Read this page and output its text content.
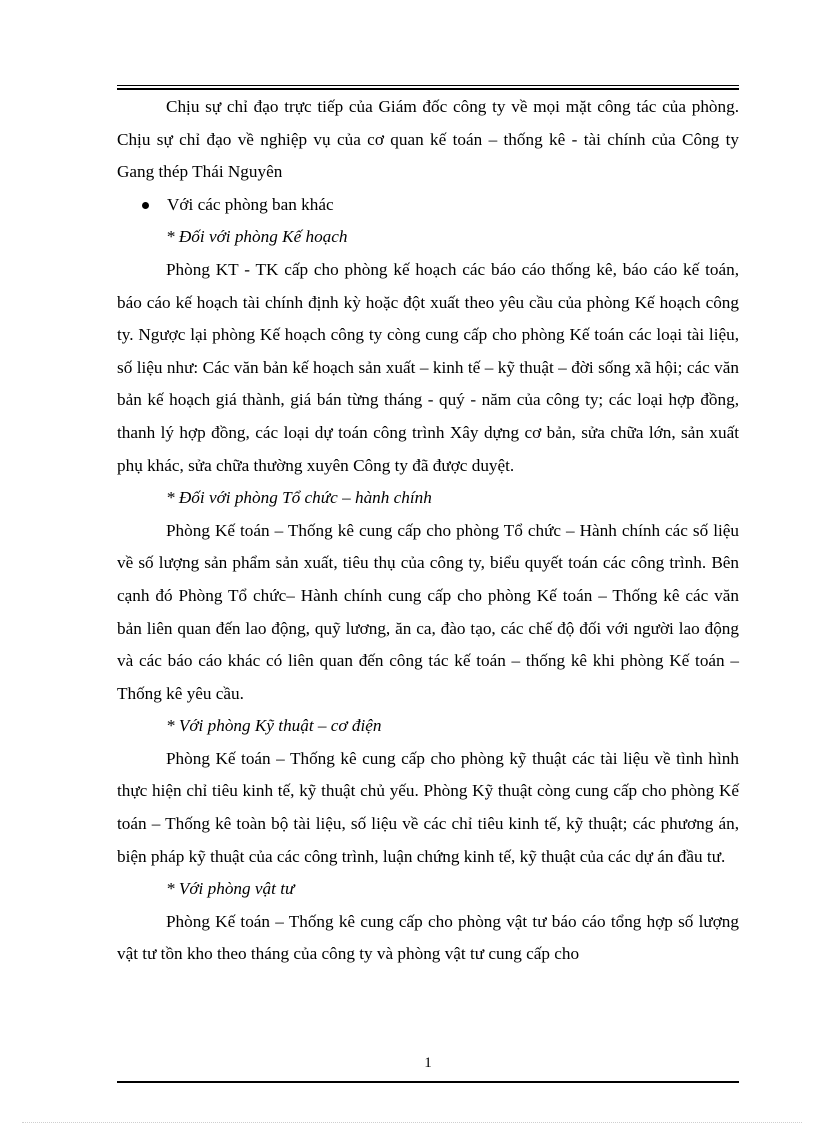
Chịu sự chỉ đạo trực tiếp của Giám đốc công ty về mọi mặt công tác của phòng. Chịu sự chỉ đạo về nghiệp vụ của cơ quan kế toán – thống kê - tài chính của Công ty Gang thép Thái Nguyên

Với các phòng ban khác

* Đối với phòng Kế hoạch

Phòng KT - TK cấp cho phòng kế hoạch các báo cáo thống kê, báo cáo kế toán, báo cáo kế hoạch tài chính định kỳ hoặc đột xuất theo yêu cầu của phòng Kế hoạch công ty. Ngược lại phòng Kế hoạch công ty còng cung cấp cho phòng Kế toán các loại tài liệu, số liệu như: Các văn bản kế hoạch sản xuất – kinh tế – kỹ thuật – đời sống xã hội; các văn bản kế hoạch giá thành, giá bán từng tháng - quý - năm của công ty; các loại hợp đồng, thanh lý hợp đồng, các loại dự toán công trình Xây dựng cơ bản, sửa chữa lớn, sản xuất phụ khác, sửa chữa thường xuyên Công ty đã được duyệt.

* Đối với phòng Tổ chức – hành chính

Phòng Kế toán – Thống kê cung cấp cho phòng Tổ chức – Hành chính các số liệu về số lượng sản phẩm sản xuất, tiêu thụ của công ty, biểu quyết toán các công trình. Bên cạnh đó Phòng Tổ chức– Hành chính cung cấp cho phòng Kế toán – Thống kê các văn bản liên quan đến lao động, quỹ lương, ăn ca, đào tạo, các chế độ đối với người lao động và các báo cáo khác có liên quan đến công tác kế toán – thống kê khi phòng Kế toán – Thống kê yêu cầu.

* Với phòng Kỹ thuật – cơ điện

Phòng Kế toán – Thống kê cung cấp cho phòng kỹ thuật các tài liệu về tình hình thực hiện chỉ tiêu kinh tế, kỹ thuật chủ yếu. Phòng Kỹ thuật còng cung cấp cho phòng Kế toán – Thống kê toàn bộ tài liệu, số liệu về các chỉ tiêu kinh tế, kỹ thuật; các phương án, biện pháp kỹ thuật của các công trình, luận chứng kinh tế, kỹ thuật của các dự án đầu tư.

* Với phòng vật tư

Phòng Kế toán – Thống kê cung cấp cho phòng vật tư báo cáo tổng hợp số lượng vật tư tồn kho theo tháng của công ty và phòng vật tư cung cấp cho

1
